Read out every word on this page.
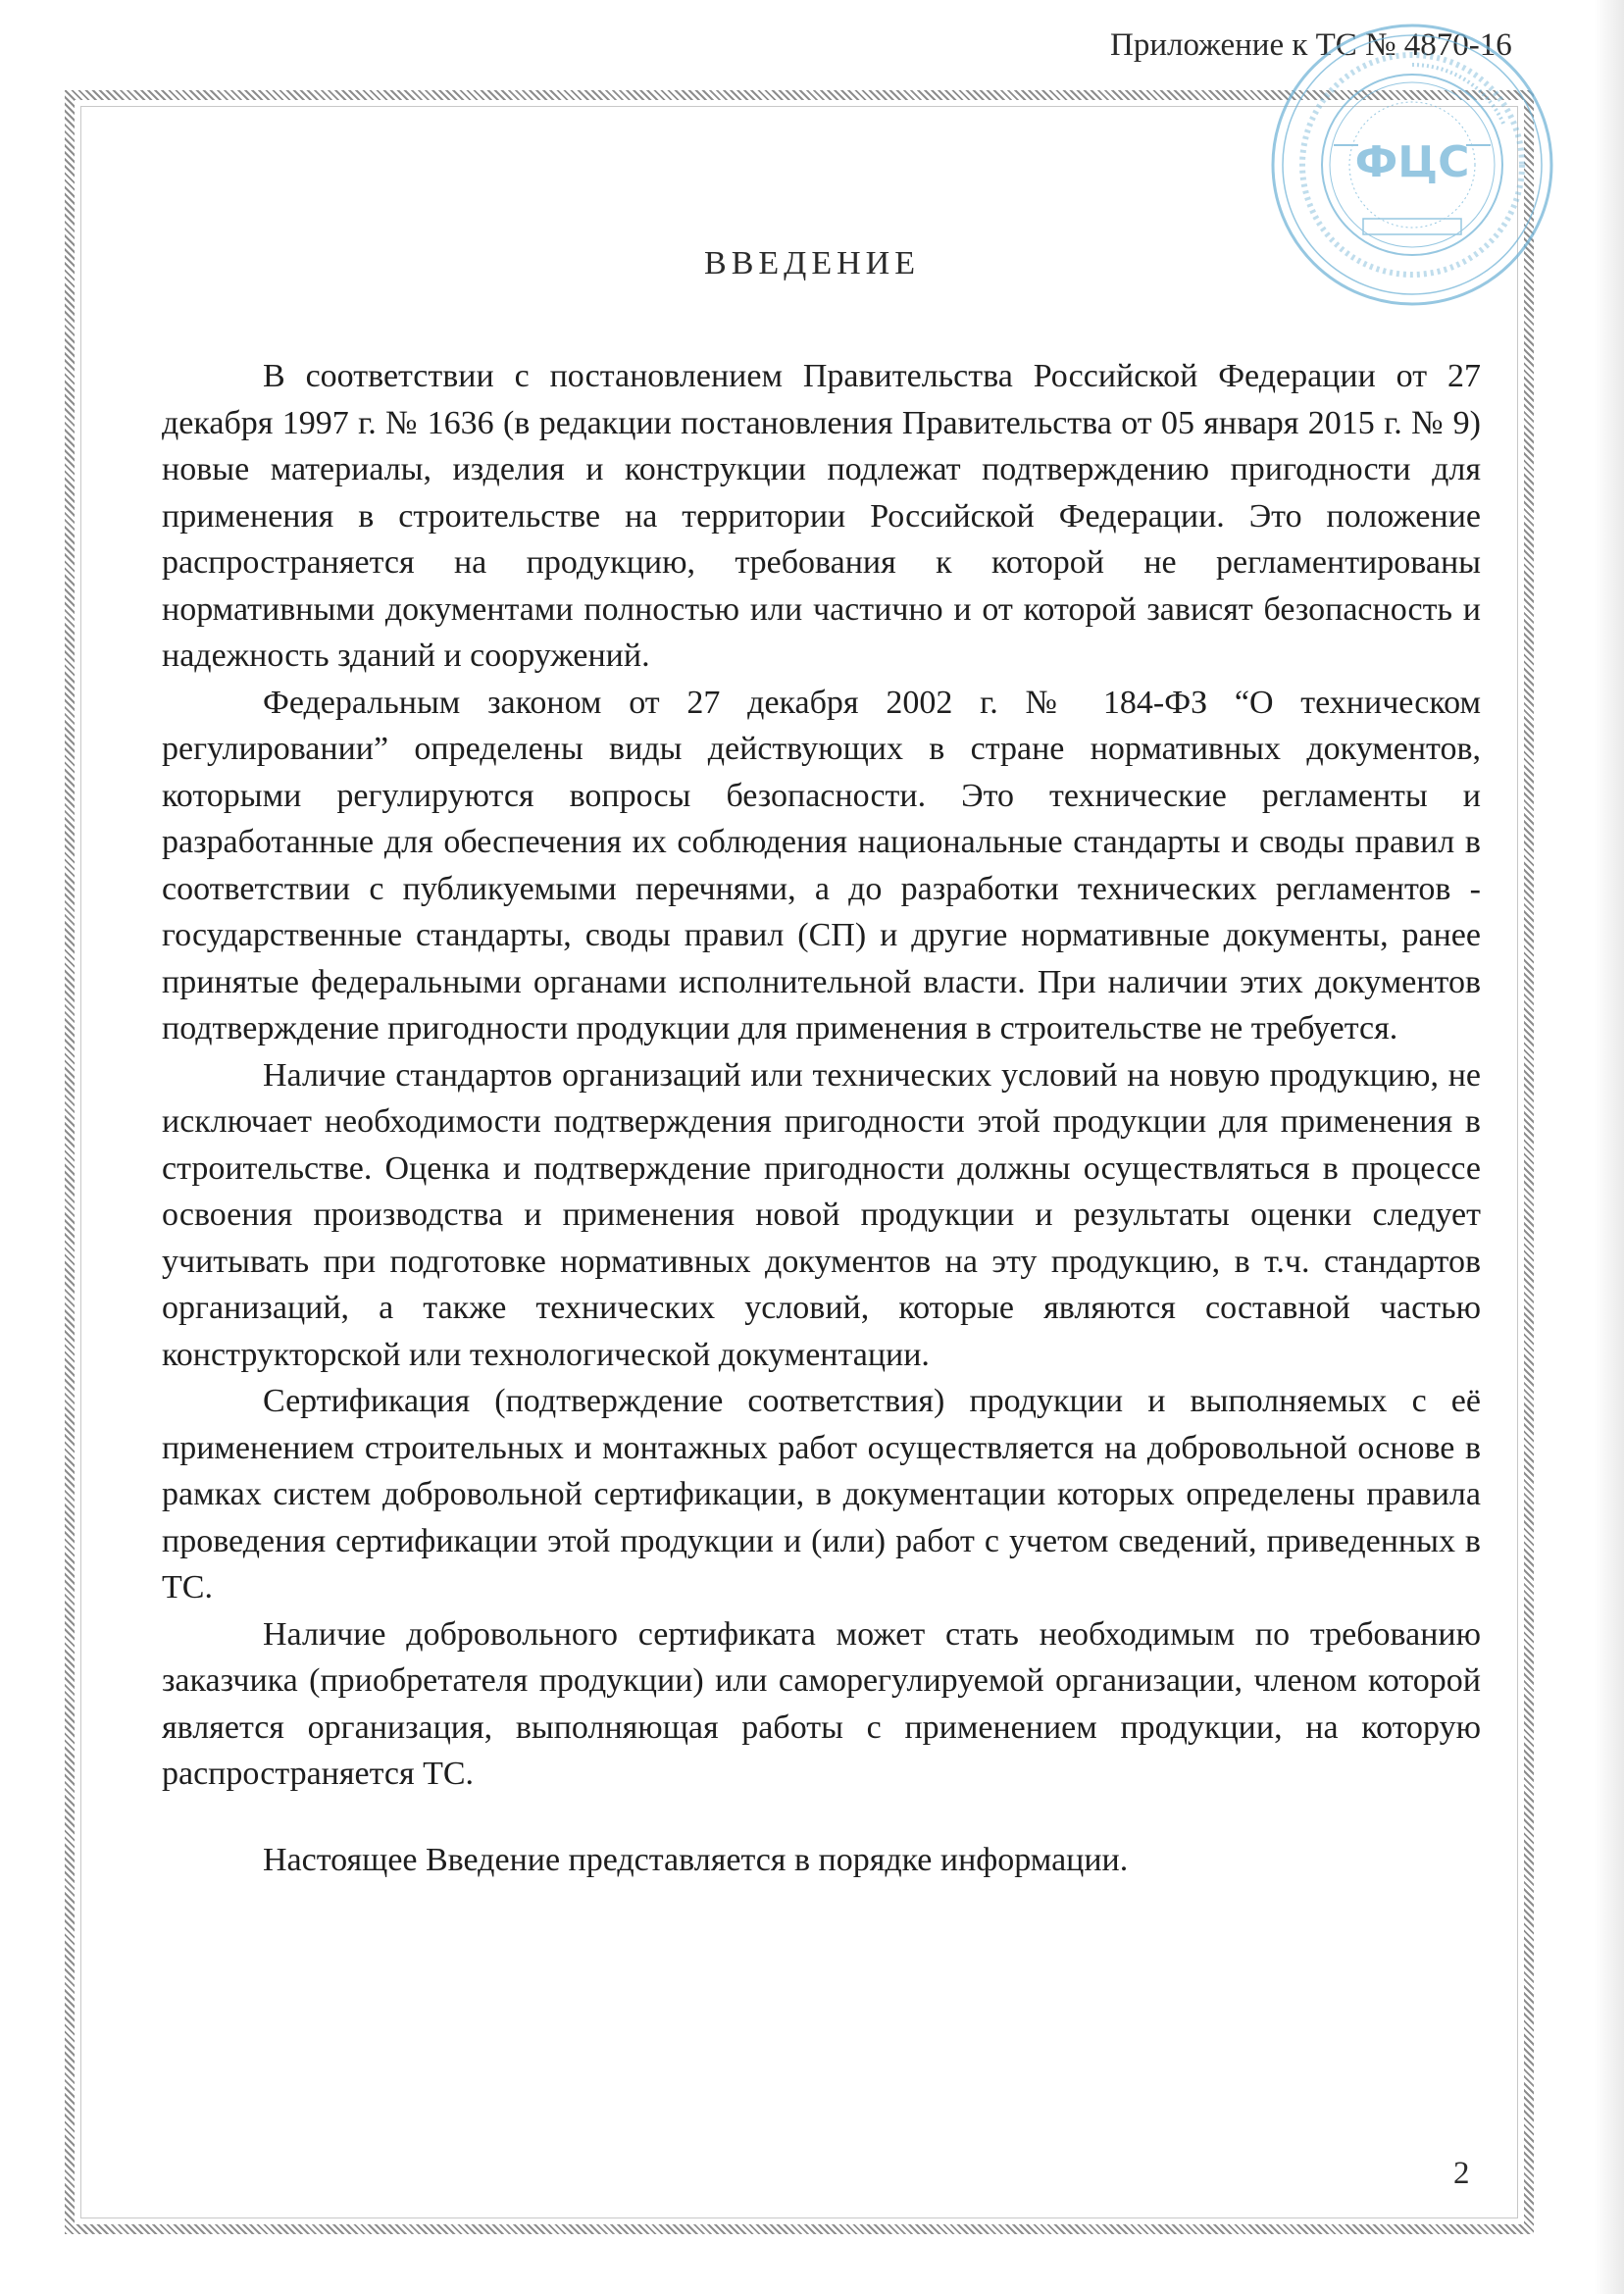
Приложение к ТС № 4870-16
ФЦС
ВВЕДЕНИЕ

В соответствии с постановлением Правительства Российской Федерации от 27 декабря 1997 г. № 1636 (в редакции постановления Правительства от 05 января 2015 г. № 9) новые материалы, изделия и конструкции подлежат подтверждению пригодности для применения в строительстве на территории Российской Федерации. Это положение распространяется на продукцию, требования к которой не регламентированы нормативными документами полностью или частично и от которой зависят безопасность и надежность зданий и сооружений.

Федеральным законом от 27 декабря 2002 г. № 184-ФЗ “О техническом регулировании” определены виды действующих в стране нормативных документов, которыми регулируются вопросы безопасности. Это технические регламенты и разработанные для обеспечения их соблюдения национальные стандарты и своды правил в соответствии с публикуемыми перечнями, а до разработки технических регламентов - государственные стандарты, своды правил (СП) и другие нормативные документы, ранее принятые федеральными органами исполнительной власти. При наличии этих документов подтверждение пригодности продукции для применения в строительстве не требуется.

Наличие стандартов организаций или технических условий на новую продукцию, не исключает необходимости подтверждения пригодности этой продукции для применения в строительстве. Оценка и подтверждение пригодности должны осуществляться в процессе освоения производства и применения новой продукции и результаты оценки следует учитывать при подготовке нормативных документов на эту продукцию, в т.ч. стандартов организаций, а также технических условий, которые являются составной частью конструкторской или технологической документации.

Сертификация (подтверждение соответствия) продукции и выполняемых с её применением строительных и монтажных работ осуществляется на добровольной основе в рамках систем добровольной сертификации, в документации которых определены правила проведения сертификации этой продукции и (или) работ с учетом сведений, приведенных в ТС.

Наличие добровольного сертификата может стать необходимым по требованию заказчика (приобретателя продукции) или саморегулируемой организации, членом которой является организация, выполняющая работы с применением продукции, на которую распространяется ТС.

Настоящее Введение представляется в порядке информации.

2
